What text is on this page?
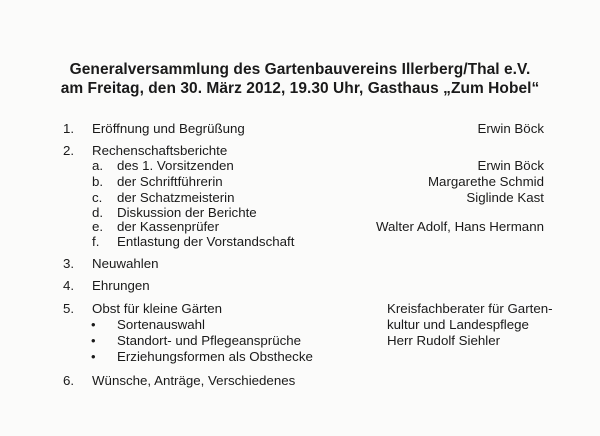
Generalversammlung des Gartenbauvereins Illerberg/Thal e.V.
am Freitag, den 30. März 2012, 19.30 Uhr, Gasthaus „Zum Hobel“
1. Eröffnung und Begrüßung	Erwin Böck
2. Rechenschaftsberichte
a. des 1. Vorsitzenden	Erwin Böck
b. der Schriftführerin	Margarethe Schmid
c. der Schatzmeisterin	Siglinde Kast
d. Diskussion der Berichte
e. der Kassenprüfer	Walter Adolf, Hans Hermann
f. Entlastung der Vorstandschaft
3. Neuwahlen
4. Ehrungen
5. Obst für kleine Gärten	Kreisfachberater für Garten-
• Sortenauswahl	kultur und Landespflege
• Standort- und Pflegeansprüche	Herr Rudolf Siehler
• Erziehungsformen als Obsthecke
6. Wünsche, Anträge, Verschiedenes
